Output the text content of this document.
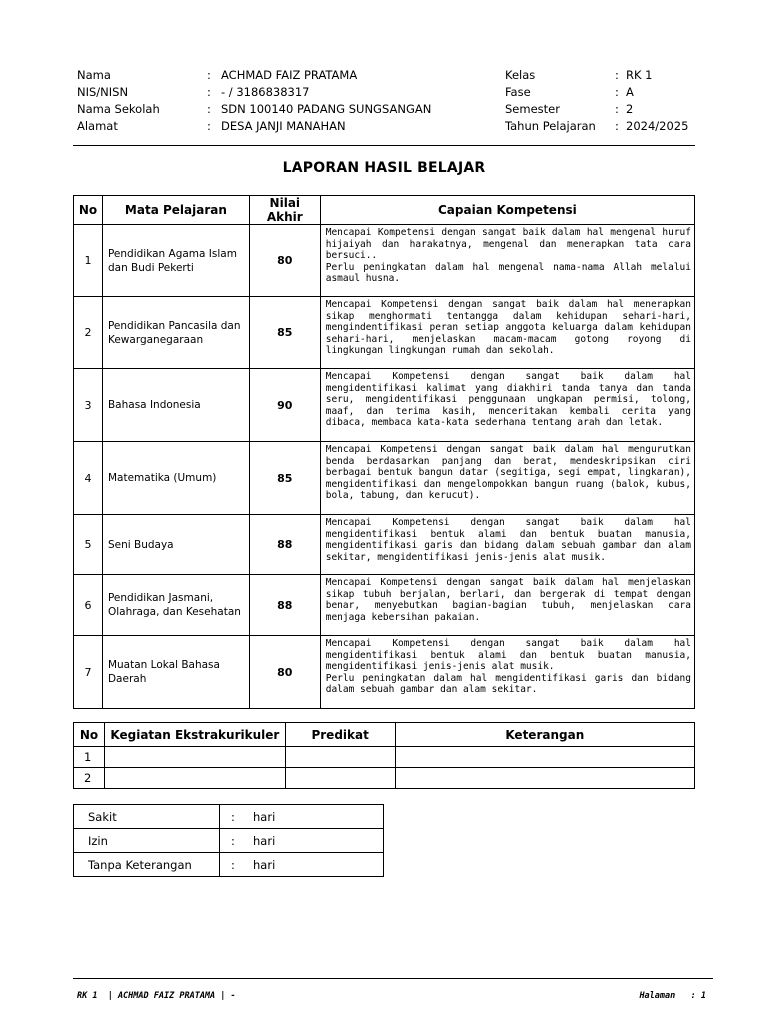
Nama	: ACHMAD FAIZ PRATAMA
NIS/NISN	: - / 3186838317
Nama Sekolah	: SDN 100140 PADANG SUNGSANGAN
Alamat	: DESA JANJI MANAHAN
Kelas	: RK 1
Fase	: A
Semester	: 2
Tahun Pelajaran : 2024/2025
LAPORAN HASIL BELAJAR
No	Mata Pelajaran	Nilai Akhir	Capaian Kompetensi
1	Pendidikan Agama Islam dan Budi Pekerti	80	Mencapai Kompetensi dengan sangat baik dalam hal mengenal huruf hijaiyah dan harakatnya, mengenal dan menerapkan tata cara bersuci..
Perlu peningkatan dalam hal mengenal nama-nama Allah melalui asmaul husna.
2	Pendidikan Pancasila dan Kewarganegaraan	85	Mencapai Kompetensi dengan sangat baik dalam hal menerapkan sikap menghormati tentangga dalam kehidupan sehari-hari, mengindentifikasi peran setiap anggota keluarga dalam kehidupan sehari-hari, menjelaskan macam-macam gotong royong di lingkungan lingkungan rumah dan sekolah.
3	Bahasa Indonesia	90	Mencapai Kompetensi dengan sangat baik dalam hal mengidentifikasi kalimat yang diakhiri tanda tanya dan tanda seru, mengidentifikasi penggunaan ungkapan permisi, tolong, maaf, dan terima kasih, menceritakan kembali cerita yang dibaca, membaca kata-kata sederhana tentang arah dan letak.
4	Matematika (Umum)	85	Mencapai Kompetensi dengan sangat baik dalam hal mengurutkan benda berdasarkan panjang dan berat, mendeskripsikan ciri berbagai bentuk bangun datar (segitiga, segi empat, lingkaran), mengidentifikasi dan mengelompokkan bangun ruang (balok, kubus, bola, tabung, dan kerucut).
5	Seni Budaya	88	Mencapai Kompetensi dengan sangat baik dalam hal mengidentifikasi bentuk alami dan bentuk buatan manusia, mengidentifikasi garis dan bidang dalam sebuah gambar dan alam sekitar, mengidentifikasi jenis-jenis alat musik.
6	Pendidikan Jasmani, Olahraga, dan Kesehatan	88	Mencapai Kompetensi dengan sangat baik dalam hal menjelaskan sikap tubuh berjalan, berlari, dan bergerak di tempat dengan benar, menyebutkan bagian-bagian tubuh, menjelaskan cara menjaga kebersihan pakaian.
7	Muatan Lokal Bahasa Daerah	80	Mencapai Kompetensi dengan sangat baik dalam hal mengidentifikasi bentuk alami dan bentuk buatan manusia, mengidentifikasi jenis-jenis alat musik.
Perlu peningkatan dalam hal mengidentifikasi garis dan bidang dalam sebuah gambar dan alam sekitar.
No	Kegiatan Ekstrakurikuler	Predikat	Keterangan
1			
2			
Sakit	: hari
Izin	: hari
Tanpa Keterangan	: hari
RK 1  | ACHMAD FAIZ PRATAMA | -	Halaman : 1
